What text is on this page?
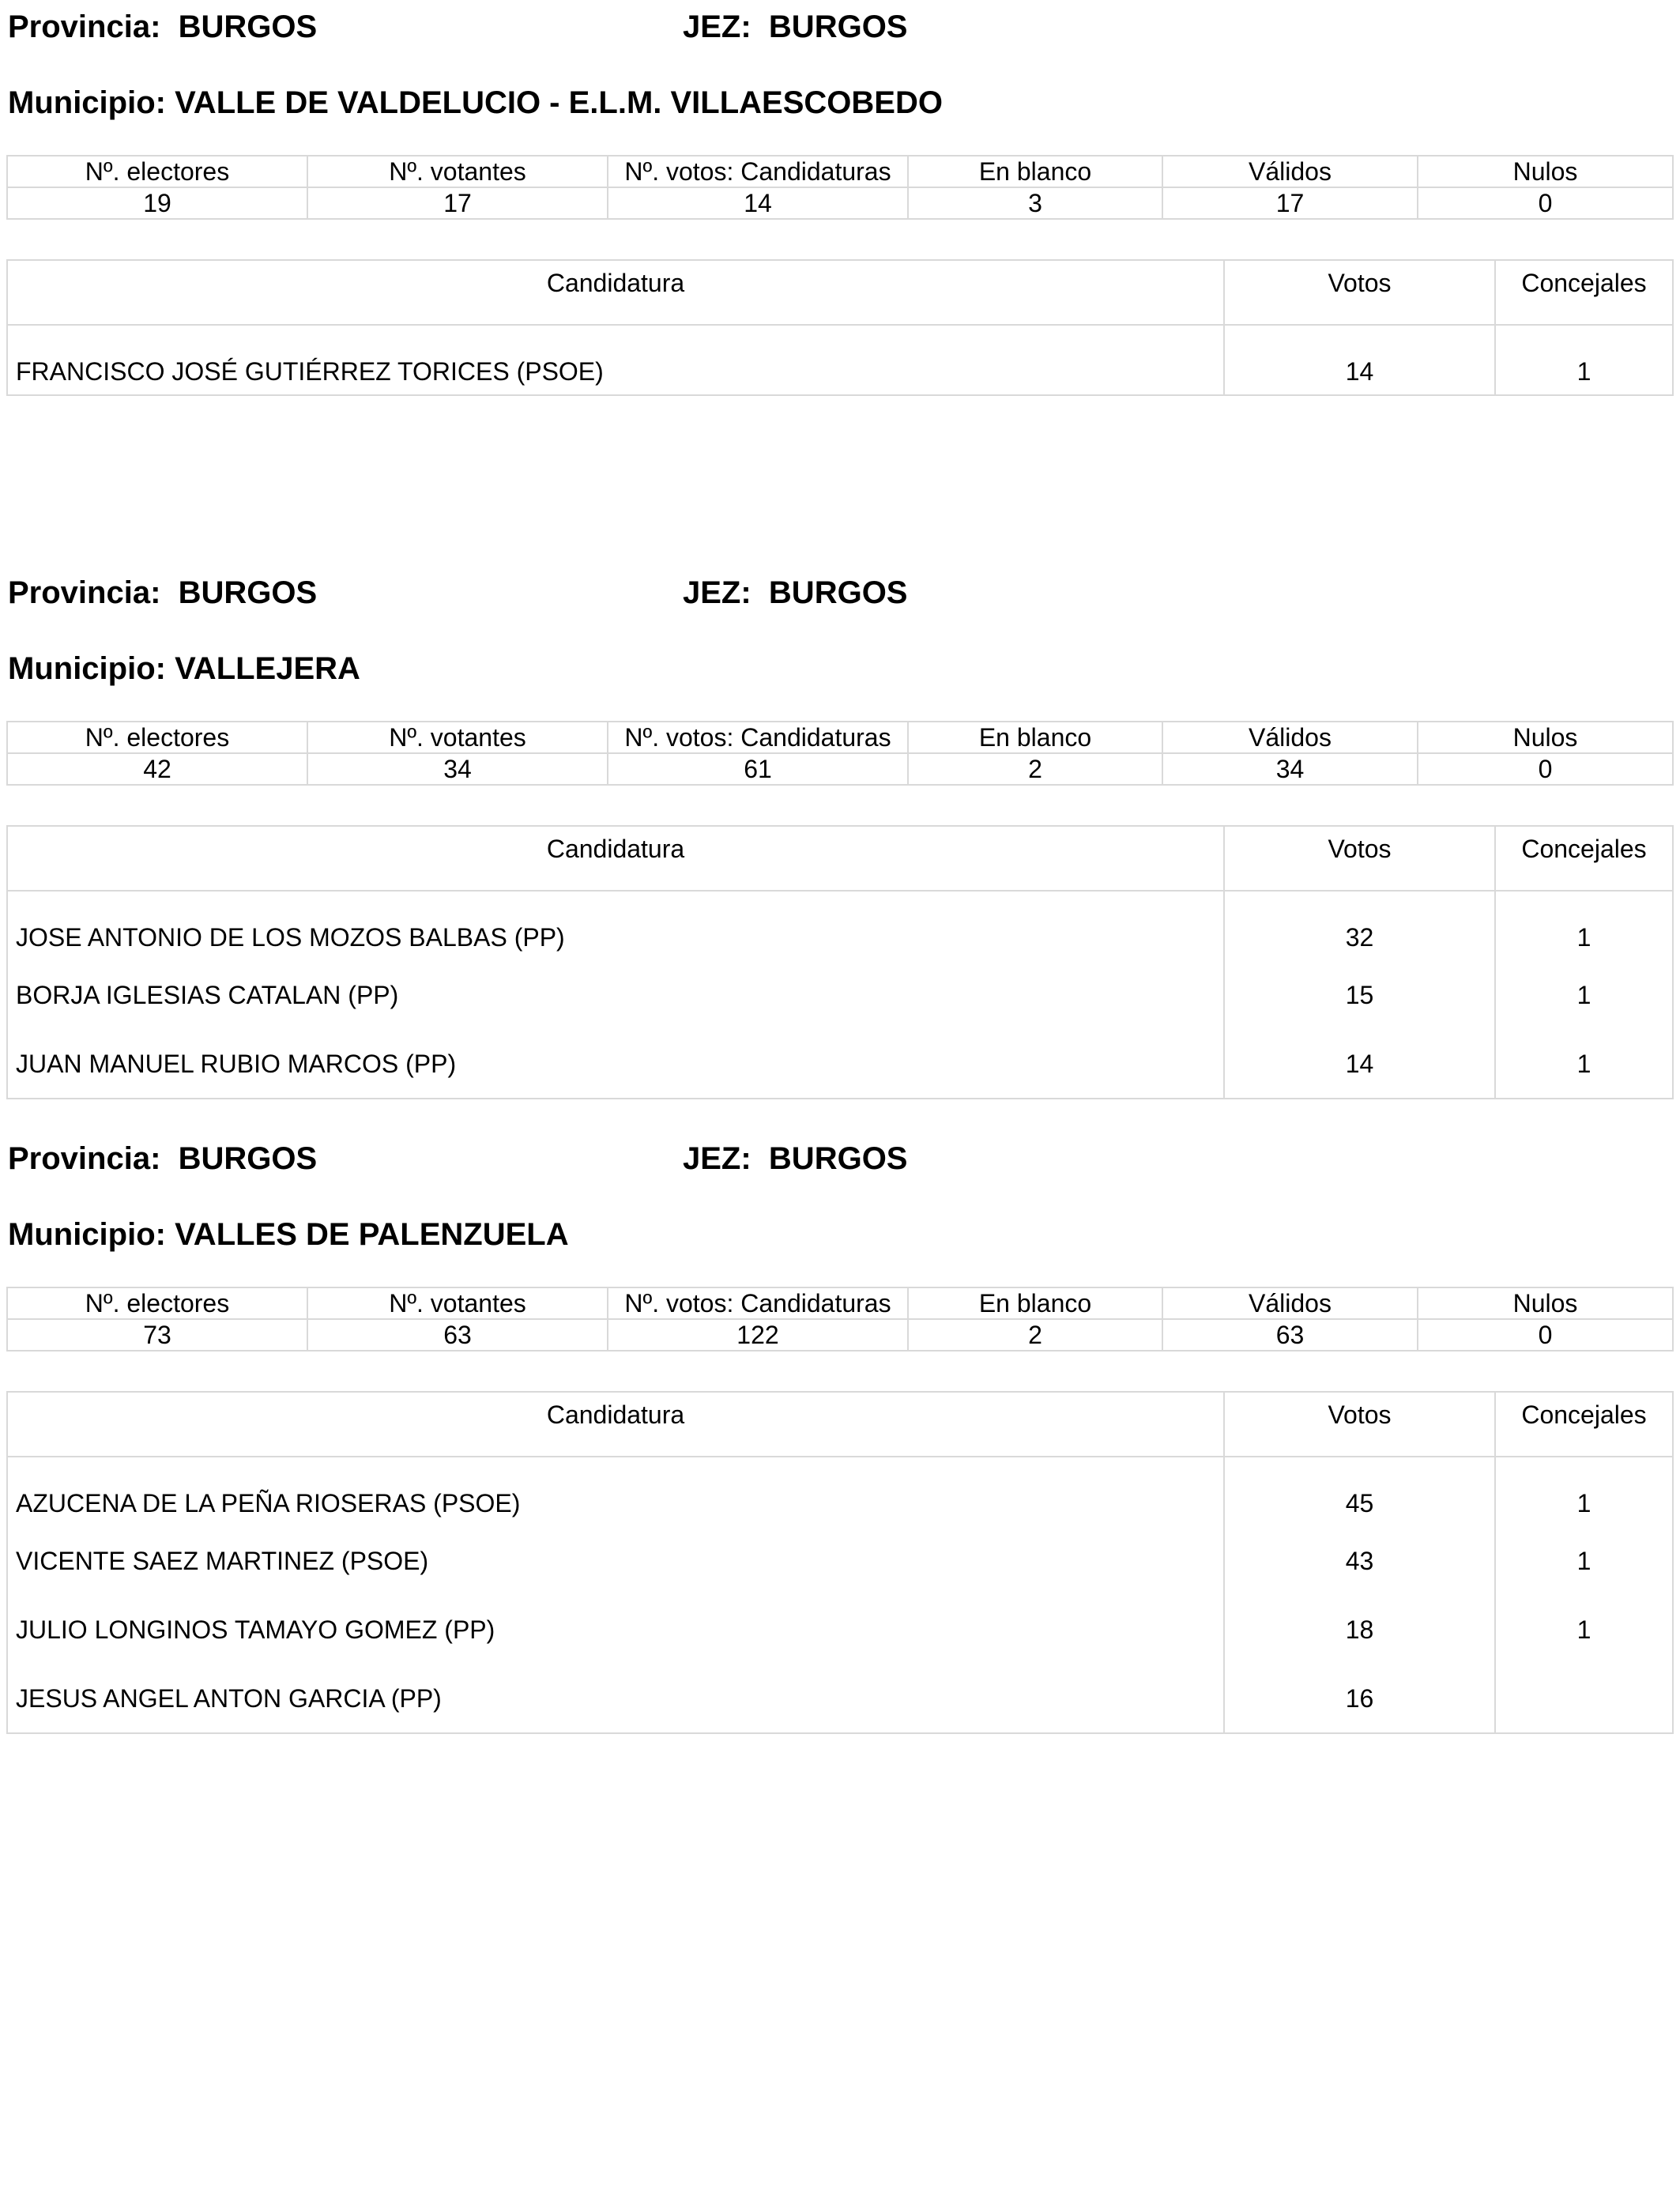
Provincia: BURGOS	JEZ: BURGOS
Municipio: VALLE DE VALDELUCIO - E.L.M. VILLAESCOBEDO
Nº. electores	Nº. votantes	Nº. votos: Candidaturas	En blanco	Válidos	Nulos
19	17	14	3	17	0
Candidatura	Votos	Concejales
FRANCISCO JOSÉ GUTIÉRREZ TORICES (PSOE)	14	1
Provincia: BURGOS	JEZ: BURGOS
Municipio: VALLEJERA
Nº. electores	Nº. votantes	Nº. votos: Candidaturas	En blanco	Válidos	Nulos
42	34	61	2	34	0
Candidatura	Votos	Concejales
JOSE ANTONIO DE LOS MOZOS BALBAS (PP)	32	1
BORJA IGLESIAS CATALAN (PP)	15	1
JUAN MANUEL RUBIO MARCOS (PP)	14	1
Provincia: BURGOS	JEZ: BURGOS
Municipio: VALLES DE PALENZUELA
Nº. electores	Nº. votantes	Nº. votos: Candidaturas	En blanco	Válidos	Nulos
73	63	122	2	63	0
Candidatura	Votos	Concejales
AZUCENA DE LA PEÑA RIOSERAS (PSOE)	45	1
VICENTE SAEZ MARTINEZ (PSOE)	43	1
JULIO LONGINOS TAMAYO GOMEZ (PP)	18	1
JESUS ANGEL ANTON GARCIA (PP)	16	
